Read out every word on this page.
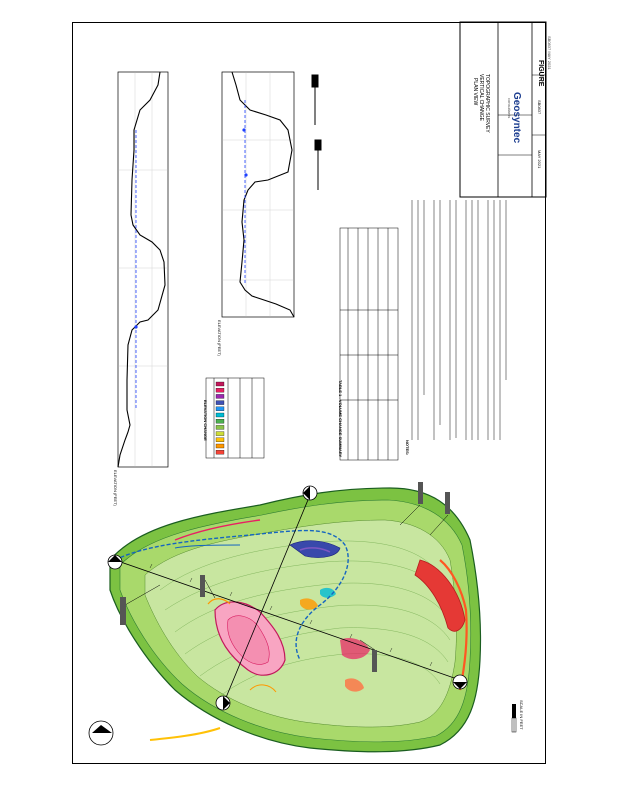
FIGURE
Geosyntec
consultants
TOPOGRAPHIC SURVEY
VERTICAL CHANGE
PLAN VIEW
MAY 2021
SB0837
NOTES:
ELEVATION (FEET)
ELEVATION (FEET)
TABLE 1 - VOLUME CHANGE SUMMARY
ELEVATION CHANGE
SCALE IN FEET
N
SB0837 MAY 2021
